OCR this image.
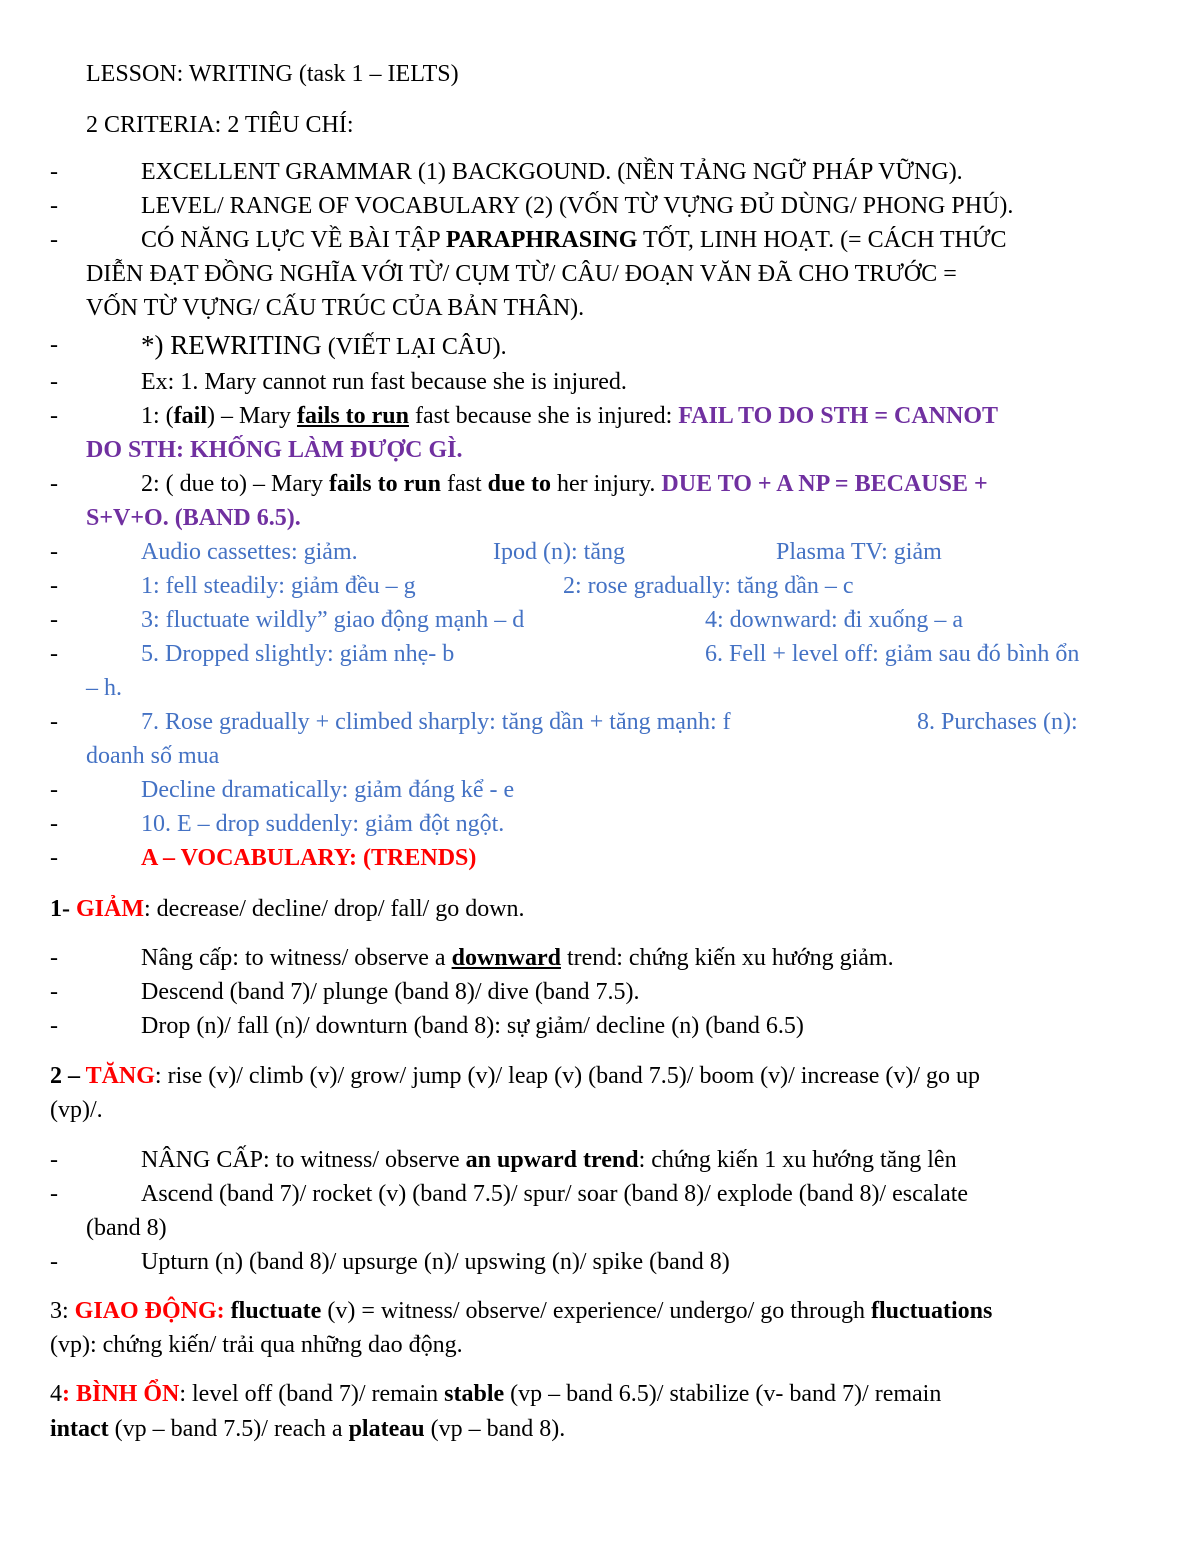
LESSON: WRITING (task 1 – IELTS)
2 CRITERIA: 2 TIÊU CHÍ:
-	EXCELLENT GRAMMAR (1) BACKGOUND. (NỀN TẢNG NGỮ PHÁP VỮNG).
-	LEVEL/ RANGE OF VOCABULARY (2) (VỐN TỪ VỰNG ĐỦ DÙNG/ PHONG PHÚ).
-	CÓ NĂNG LỰC VỀ BÀI TẬP PARAPHRASING TỐT, LINH HOẠT. (= CÁCH THỨC
DIỄN ĐẠT ĐỒNG NGHĨA VỚI TỪ/ CỤM TỪ/ CÂU/ ĐOẠN VĂN ĐÃ CHO TRƯỚC =
VỐN TỪ VỰNG/ CẤU TRÚC CỦA BẢN THÂN).
-	*) REWRITING (VIẾT LẠI CÂU).
-	Ex: 1. Mary cannot run fast because she is injured.
-	1: (fail) – Mary fails to run fast because she is injured: FAIL TO DO STH = CANNOT
DO STH: KHỐNG LÀM ĐƯỢC GÌ.
-	2: ( due to) – Mary fails to run fast due to her injury. DUE TO + A NP = BECAUSE +
S+V+O. (BAND 6.5).
-	Audio cassettes: giảm.	Ipod (n): tăng	Plasma TV: giảm
-	1: fell steadily: giảm đều – g	2: rose gradually: tăng dần – c
-	3: fluctuate wildly” giao động mạnh – d	4: downward: đi xuống – a
-	5. Dropped slightly: giảm nhẹ- b	6. Fell + level off: giảm sau đó bình ổn
– h.
-	7. Rose gradually + climbed sharply: tăng dần + tăng mạnh: f	8. Purchases (n):
doanh số mua
-	Decline dramatically: giảm đáng kể - e
-	10. E – drop suddenly: giảm đột ngột.
-	A – VOCABULARY: (TRENDS)
1- GIẢM: decrease/ decline/ drop/ fall/ go down.
-	Nâng cấp: to witness/ observe a downward trend: chứng kiến xu hướng giảm.
-	Descend (band 7)/ plunge (band 8)/ dive (band 7.5).
-	Drop (n)/ fall (n)/ downturn (band 8): sự giảm/ decline (n) (band 6.5)
2 – TĂNG: rise (v)/ climb (v)/ grow/ jump (v)/ leap (v) (band 7.5)/ boom (v)/ increase (v)/ go up
(vp)/.
-	NÂNG CẤP: to witness/ observe an upward trend: chứng kiến 1 xu hướng tăng lên
-	Ascend (band 7)/ rocket (v) (band 7.5)/ spur/ soar (band 8)/ explode (band 8)/ escalate
(band 8)
-	Upturn (n) (band 8)/ upsurge (n)/ upswing (n)/ spike (band 8)
3: GIAO ĐỘNG: fluctuate (v) = witness/ observe/ experience/ undergo/ go through fluctuations
(vp): chứng kiến/ trải qua những dao động.
4: BÌNH ỔN: level off (band 7)/ remain stable (vp – band 6.5)/ stabilize (v- band 7)/ remain
intact (vp – band 7.5)/ reach a plateau (vp – band 8).
